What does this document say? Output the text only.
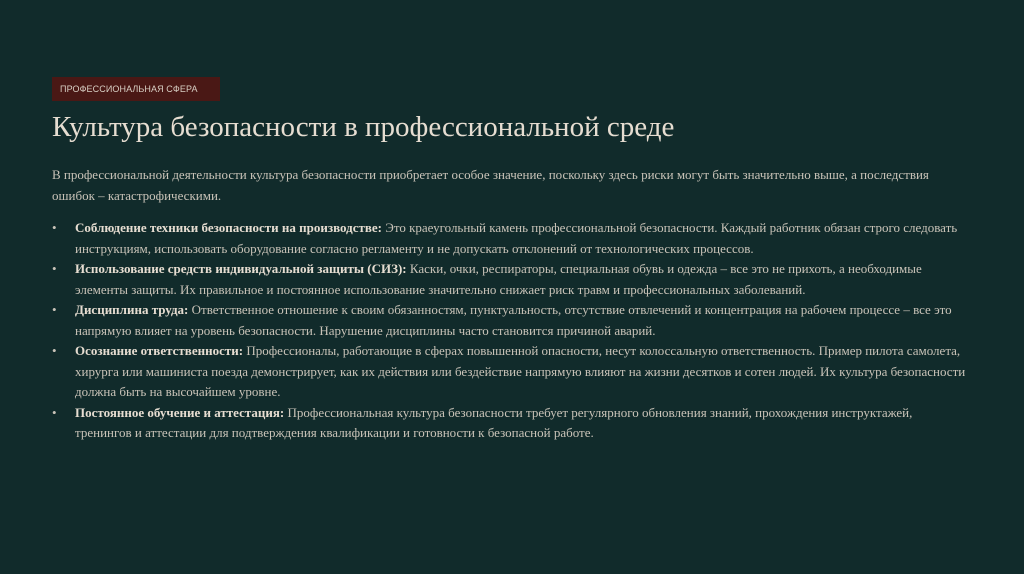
ПРОФЕССИОНАЛЬНАЯ СФЕРА
Культура безопасности в профессиональной среде

В профессиональной деятельности культура безопасности приобретает особое значение, поскольку здесь риски могут быть значительно выше, а последствия ошибок – катастрофическими.

• Соблюдение техники безопасности на производстве: Это краеугольный камень профессиональной безопасности. Каждый работник обязан строго следовать инструкциям, использовать оборудование согласно регламенту и не допускать отклонений от технологических процессов.
• Использование средств индивидуальной защиты (СИЗ): Каски, очки, респираторы, специальная обувь и одежда – все это не прихоть, а необходимые элементы защиты. Их правильное и постоянное использование значительно снижает риск травм и профессиональных заболеваний.
• Дисциплина труда: Ответственное отношение к своим обязанностям, пунктуальность, отсутствие отвлечений и концентрация на рабочем процессе – все это напрямую влияет на уровень безопасности. Нарушение дисциплины часто становится причиной аварий.
• Осознание ответственности: Профессионалы, работающие в сферах повышенной опасности, несут колоссальную ответственность. Пример пилота самолета, хирурга или машиниста поезда демонстрирует, как их действия или бездействие напрямую влияют на жизни десятков и сотен людей. Их культура безопасности должна быть на высочайшем уровне.
• Постоянное обучение и аттестация: Профессиональная культура безопасности требует регулярного обновления знаний, прохождения инструктажей, тренингов и аттестации для подтверждения квалификации и готовности к безопасной работе.
